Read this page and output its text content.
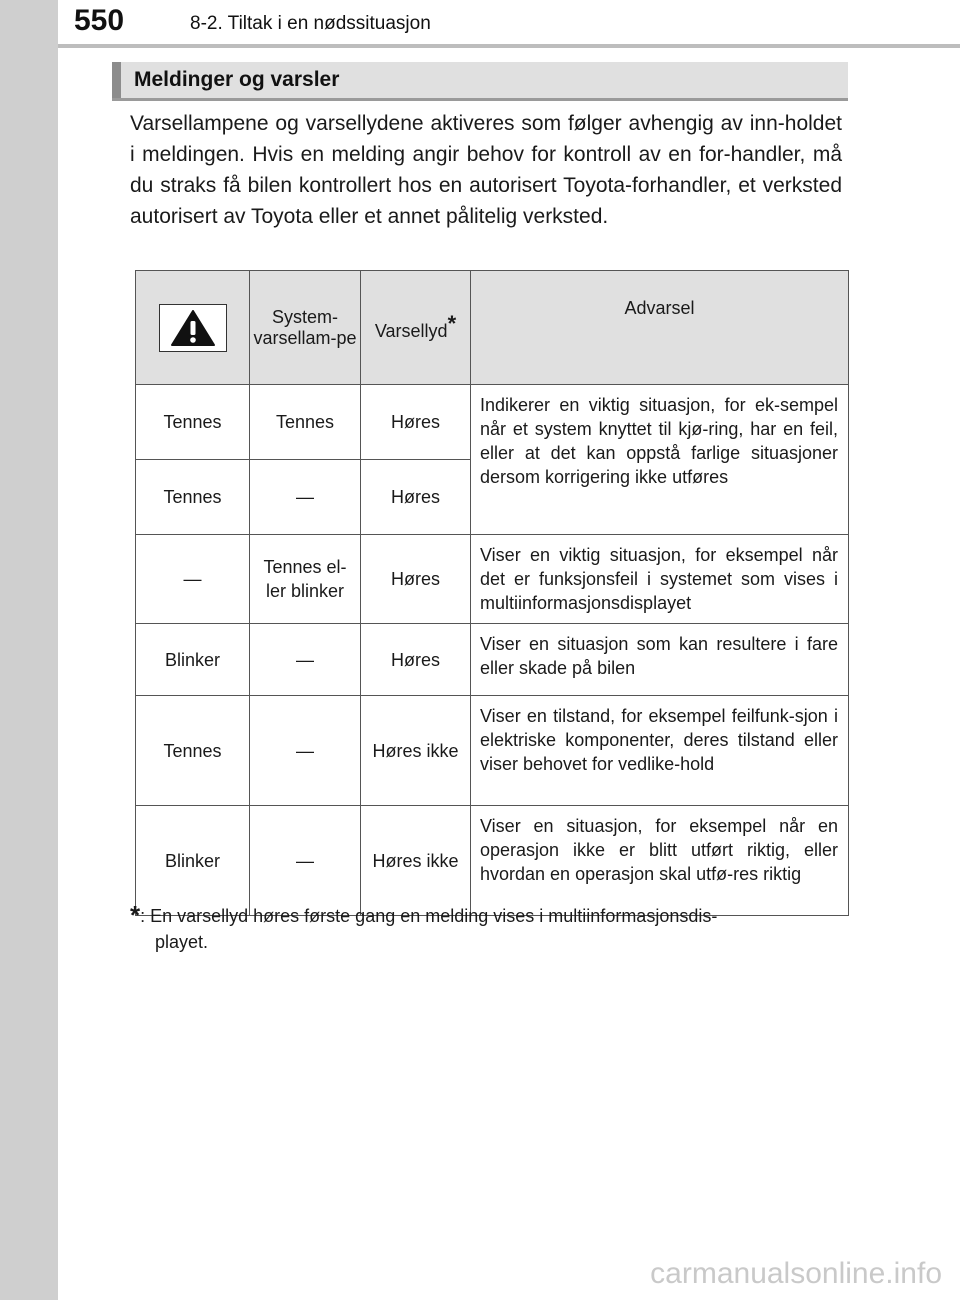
550	8-2. Tiltak i en nødssituasjon
Meldinger og varsler
Varsellampene og varsellydene aktiveres som følger avhengig av inn-holdet i meldingen. Hvis en melding angir behov for kontroll av en for-handler, må du straks få bilen kontrollert hos en autorisert Toyota-forhandler, et verksted autorisert av Toyota eller et annet pålitelig verksted.
	System-varsellam-pe	Varsellyd*	Advarsel
Tennes	Tennes	Høres	Indikerer en viktig situasjon, for ek-sempel når et system knyttet til kjø-ring, har en feil, eller at det kan oppstå farlige situasjoner dersom korrigering ikke utføres
Tennes	—	Høres	
—	Tennes el-ler blinker	Høres	Viser en viktig situasjon, for eksempel når det er funksjonsfeil i systemet som vises i multiinformasjonsdisplayet
Blinker	—	Høres	Viser en situasjon som kan resultere i fare eller skade på bilen
Tennes	—	Høres ikke	Viser en tilstand, for eksempel feilfunk-sjon i elektriske komponenter, deres tilstand eller viser behovet for vedlike-hold
Blinker	—	Høres ikke	Viser en situasjon, for eksempel når en operasjon ikke er blitt utført riktig, eller hvordan en operasjon skal utfø-res riktig
*: En varsellyd høres første gang en melding vises i multiinformasjonsdis-
playet.
carmanualsonline.info
